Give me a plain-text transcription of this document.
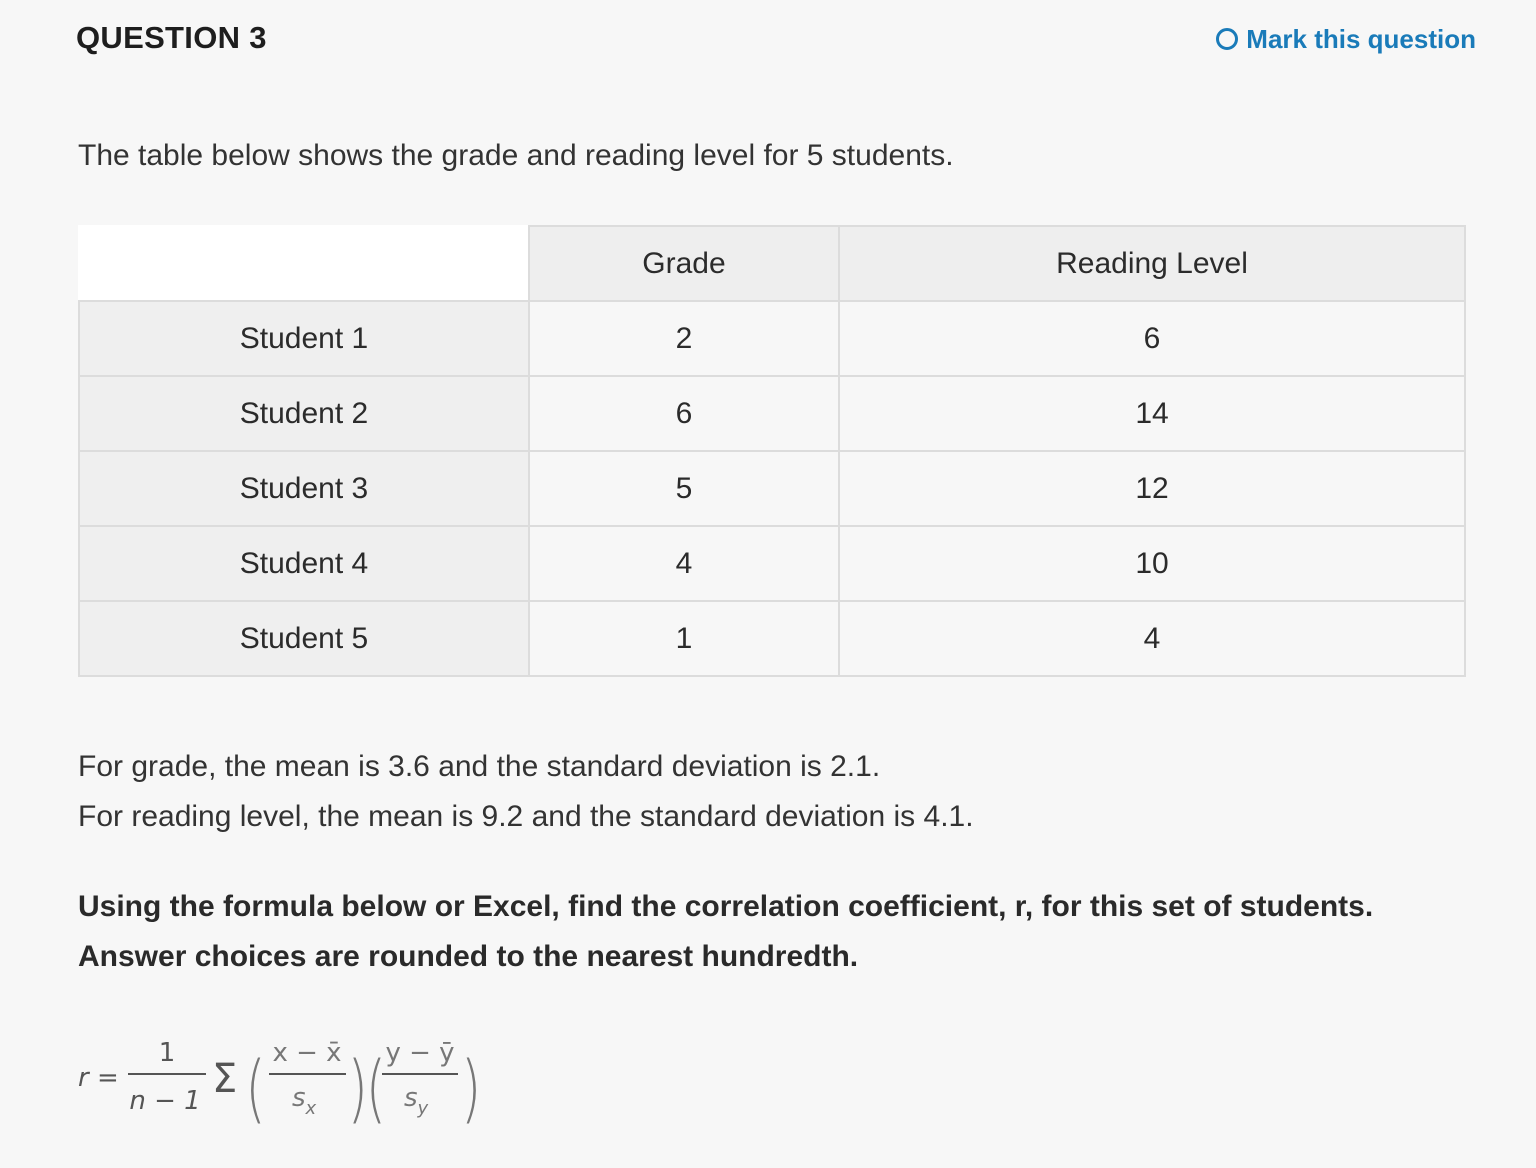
QUESTION 3	Mark this question
The table below shows the grade and reading level for 5 students.
	Grade	Reading Level
Student 1	2	6
Student 2	6	14
Student 3	5	12
Student 4	4	10
Student 5	1	4
For grade, the mean is 3.6 and the standard deviation is 2.1.
For reading level, the mean is 9.2 and the standard deviation is 4.1.
Using the formula below or Excel, find the correlation coefficient, r, for this set of students.
Answer choices are rounded to the nearest hundredth.
r =
1
n − 1 Σ ( x − x̄
$s_x$ )
( y − ȳ
$s_y$ )
